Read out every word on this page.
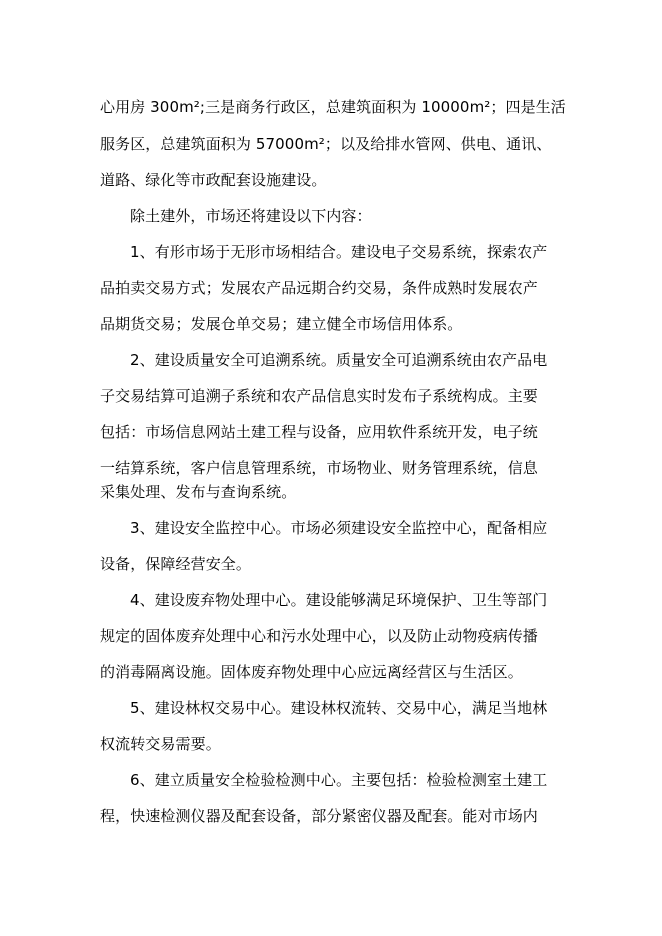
心用房 300m²;三是商务行政区，总建筑面积为 10000m²；四是生活
服务区，总建筑面积为 57000m²；以及给排水管网、供电、通讯、
道路、绿化等市政配套设施建设。
除土建外，市场还将建设以下内容：
1、有形市场于无形市场相结合。建设电子交易系统，探索农产
品拍卖交易方式；发展农产品远期合约交易，条件成熟时发展农产
品期货交易；发展仓单交易；建立健全市场信用体系。
2、建设质量安全可追溯系统。质量安全可追溯系统由农产品电
子交易结算可追溯子系统和农产品信息实时发布子系统构成。主要
包括：市场信息网站土建工程与设备，应用软件系统开发，电子统
一结算系统，客户信息管理系统，市场物业、财务管理系统，信息
采集处理、发布与查询系统。
3、建设安全监控中心。市场必须建设安全监控中心，配备相应
设备，保障经营安全。
4、建设废弃物处理中心。建设能够满足环境保护、卫生等部门
规定的固体废弃处理中心和污水处理中心，以及防止动物疫病传播
的消毒隔离设施。固体废弃物处理中心应远离经营区与生活区。
5、建设林权交易中心。建设林权流转、交易中心，满足当地林
权流转交易需要。
6、建立质量安全检验检测中心。主要包括：检验检测室土建工
程，快速检测仪器及配套设备，部分紧密仪器及配套。能对市场内
